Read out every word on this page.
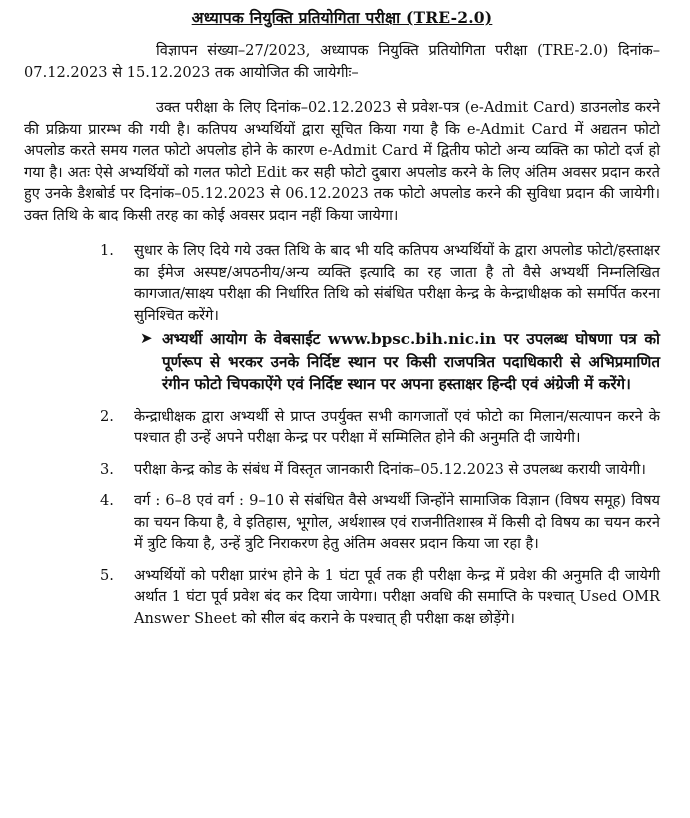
अध्यापक नियुक्ति प्रतियोगिता परीक्षा (TRE-2.0)

विज्ञापन संख्या–27/2023, अध्यापक नियुक्ति प्रतियोगिता परीक्षा (TRE-2.0) दिनांक– 07.12.2023 से 15.12.2023 तक आयोजित की जायेगीः–

उक्त परीक्षा के लिए दिनांक–02.12.2023 से प्रवेश-पत्र (e-Admit Card) डाउनलोड करने की प्रक्रिया प्रारम्भ की गयी है। कतिपय अभ्यर्थियों द्वारा सूचित किया गया है कि e-Admit Card में अद्यतन फोटो अपलोड करते समय गलत फोटो अपलोड होने के कारण e-Admit Card में द्वितीय फोटो अन्य व्यक्ति का फोटो दर्ज हो गया है। अतः ऐसे अभ्यर्थियों को गलत फोटो Edit कर सही फोटो दुबारा अपलोड करने के लिए अंतिम अवसर प्रदान करते हुए उनके डैशबोर्ड पर दिनांक–05.12.2023 से 06.12.2023 तक फोटो अपलोड करने की सुविधा प्रदान की जायेगी। उक्त तिथि के बाद किसी तरह का कोई अवसर प्रदान नहीं किया जायेगा।

1.	सुधार के लिए दिये गये उक्त तिथि के बाद भी यदि कतिपय अभ्यर्थियों के द्वारा अपलोड फोटो/हस्ताक्षर का ईमेज अस्पष्ट/अपठनीय/अन्य व्यक्ति इत्यादि का रह जाता है तो वैसे अभ्यर्थी निम्नलिखित कागजात/साक्ष्य परीक्षा की निर्धारित तिथि को संबंधित परीक्षा केन्द्र के केन्द्राधीक्षक को समर्पित करना सुनिश्चित करेंगे।

➤ अभ्यर्थी आयोग के वेबसाईट www.bpsc.bih.nic.in पर उपलब्ध घोषणा पत्र को पूर्णरूप से भरकर उनके निर्दिष्ट स्थान पर किसी राजपत्रित पदाधिकारी से अभिप्रमाणित रंगीन फोटो चिपकाऐंगे एवं निर्दिष्ट स्थान पर अपना हस्ताक्षर हिन्दी एवं अंग्रेजी में करेंगे।

2.	केन्द्राधीक्षक द्वारा अभ्यर्थी से प्राप्त उपर्युक्त सभी कागजातों एवं फोटो का मिलान/सत्यापन करने के पश्चात ही उन्हें अपने परीक्षा केन्द्र पर परीक्षा में सम्मिलित होने की अनुमति दी जायेगी।

3.	परीक्षा केन्द्र कोड के संबंध में विस्तृत जानकारी दिनांक–05.12.2023 से उपलब्ध करायी जायेगी।

4.	वर्ग : 6–8 एवं वर्ग : 9–10 से संबंधित वैसे अभ्यर्थी जिन्होंने सामाजिक विज्ञान (विषय समूह) विषय का चयन किया है, वे इतिहास, भूगोल, अर्थशास्त्र एवं राजनीतिशास्त्र में किसी दो विषय का चयन करने में त्रुटि किया है, उन्हें त्रुटि निराकरण हेतु अंतिम अवसर प्रदान किया जा रहा है।

5.	अभ्यर्थियों को परीक्षा प्रारंभ होने के 1 घंटा पूर्व तक ही परीक्षा केन्द्र में प्रवेश की अनुमति दी जायेगी अर्थात 1 घंटा पूर्व प्रवेश बंद कर दिया जायेगा। परीक्षा अवधि की समाप्ति के पश्चात् Used OMR Answer Sheet को सील बंद कराने के पश्चात् ही परीक्षा कक्ष छोड़ेंगे।
